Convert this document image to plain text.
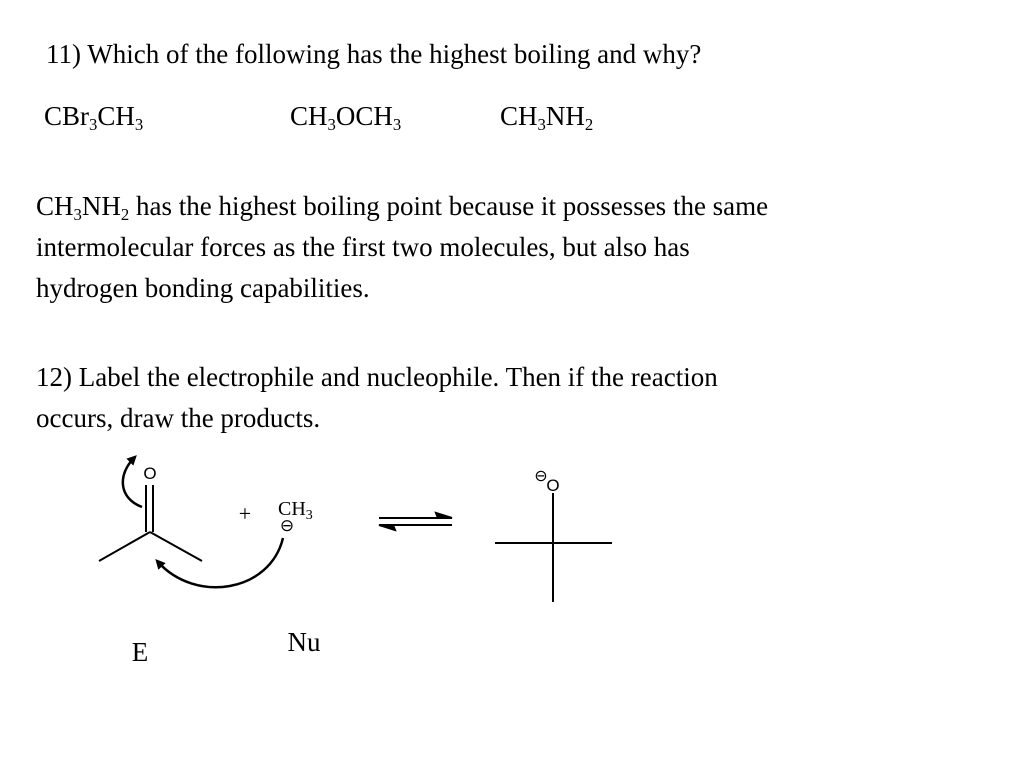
11) Which of the following has the highest boiling and why?
$CBr_3CH_3$	$CH_3OCH_3$	$CH_3NH_2$
$CH_3NH_2$ has the highest boiling point because it possesses the same
intermolecular forces as the first two molecules, but also has
hydrogen bonding capabilities.
12) Label the electrophile and nucleophile. Then if the reaction
occurs, draw the products.
O
+ $CH_3$
⊖
⊖
O
E	Nu
